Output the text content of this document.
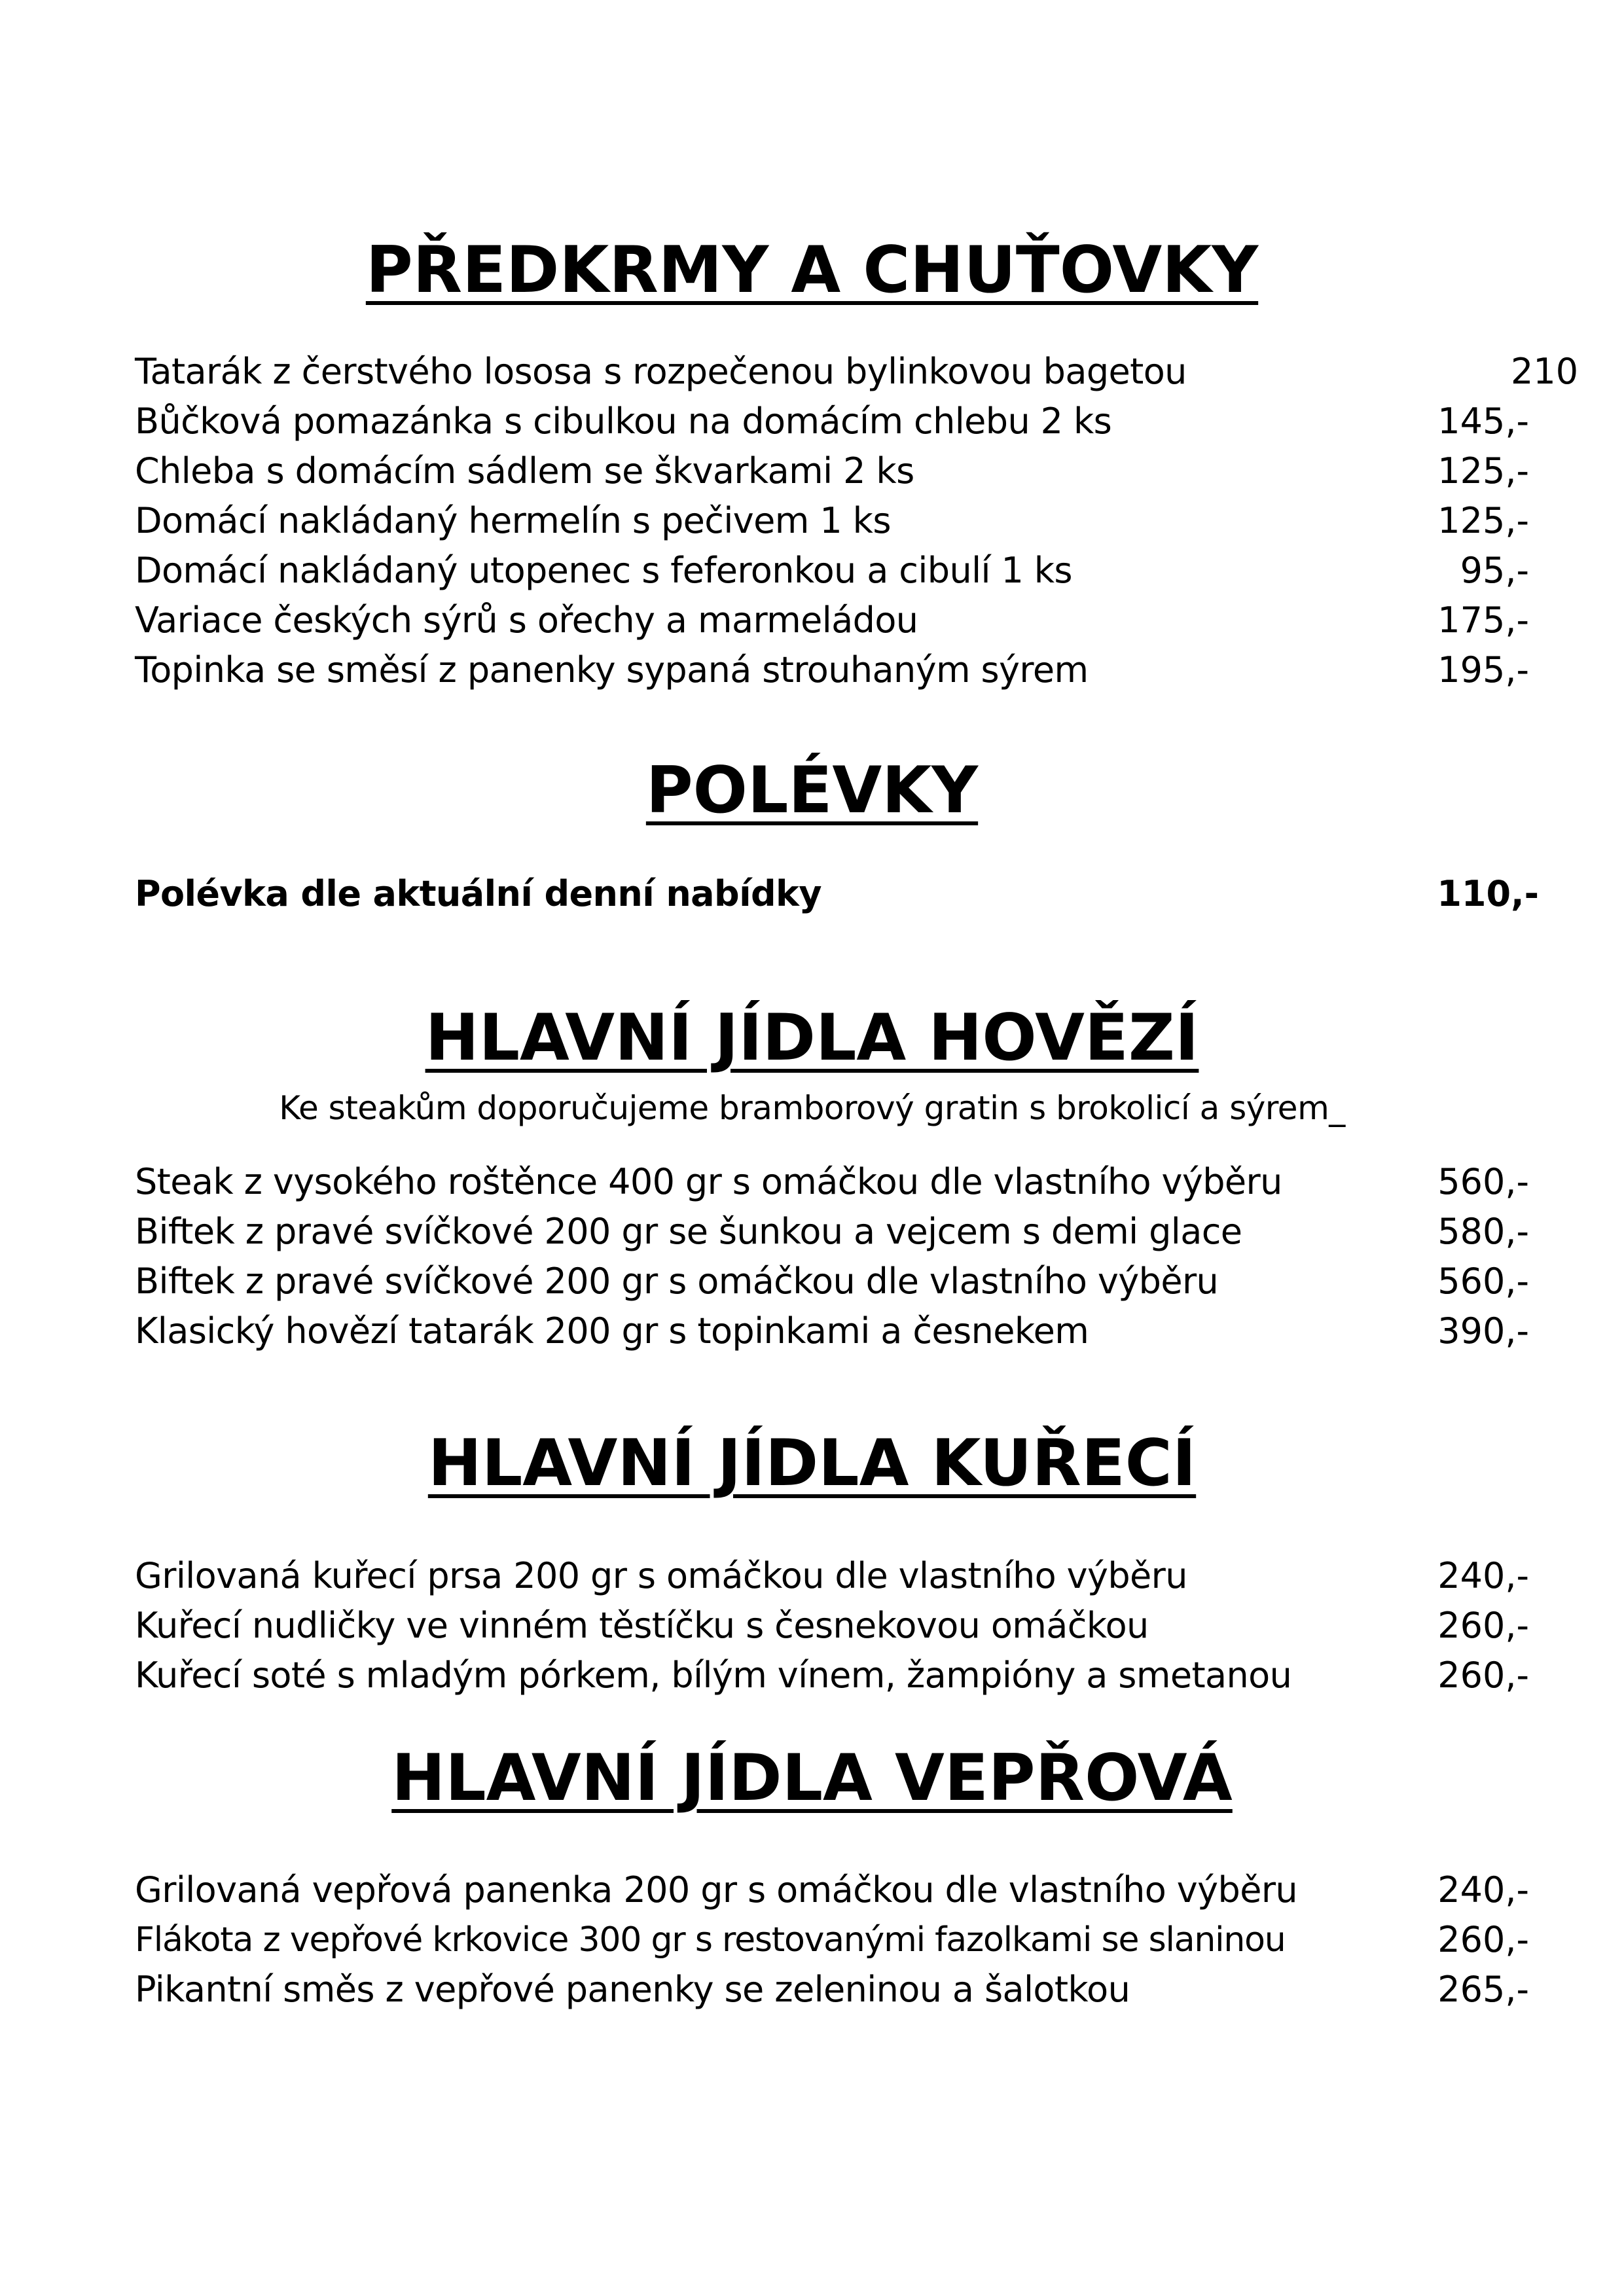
PŘEDKRMY A CHUŤOVKY
Tatarák z čerstvého lososa s rozpečenou bylinkovou bagetou	210
Bůčková pomazánka s cibulkou na domácím chlebu 2 ks	145,-
Chleba s domácím sádlem se škvarkami 2 ks	125,-
Domácí nakládaný hermelín s pečivem 1 ks	125,-
Domácí nakládaný utopenec s feferonkou a cibulí 1 ks	95,-
Variace českých sýrů s ořechy a marmeládou	175,-
Topinka se směsí z panenky sypaná strouhaným sýrem	195,-
POLÉVKY
Polévka dle aktuální denní nabídky	110,-
HLAVNÍ JÍDLA HOVĚZÍ
Ke steakům doporučujeme bramborový gratin s brokolicí a sýrem_
Steak z vysokého roštěnce 400 gr s omáčkou dle vlastního výběru	560,-
Biftek z pravé svíčkové 200 gr se šunkou a vejcem s demi glace	580,-
Biftek z pravé svíčkové 200 gr s omáčkou dle vlastního výběru	560,-
Klasický hovězí tatarák 200 gr s topinkami a česnekem	390,-
HLAVNÍ JÍDLA KUŘECÍ
Grilovaná kuřecí prsa 200 gr s omáčkou dle vlastního výběru	240,-
Kuřecí nudličky ve vinném těstíčku s česnekovou omáčkou	260,-
Kuřecí soté s mladým pórkem, bílým vínem, žampióny a smetanou	260,-
HLAVNÍ JÍDLA VEPŘOVÁ
Grilovaná vepřová panenka 200 gr s omáčkou dle vlastního výběru	240,-
Flákota z vepřové krkovice 300 gr s restovanými fazolkami se slaninou	260,-
Pikantní směs z vepřové panenky se zeleninou a šalotkou	265,-
